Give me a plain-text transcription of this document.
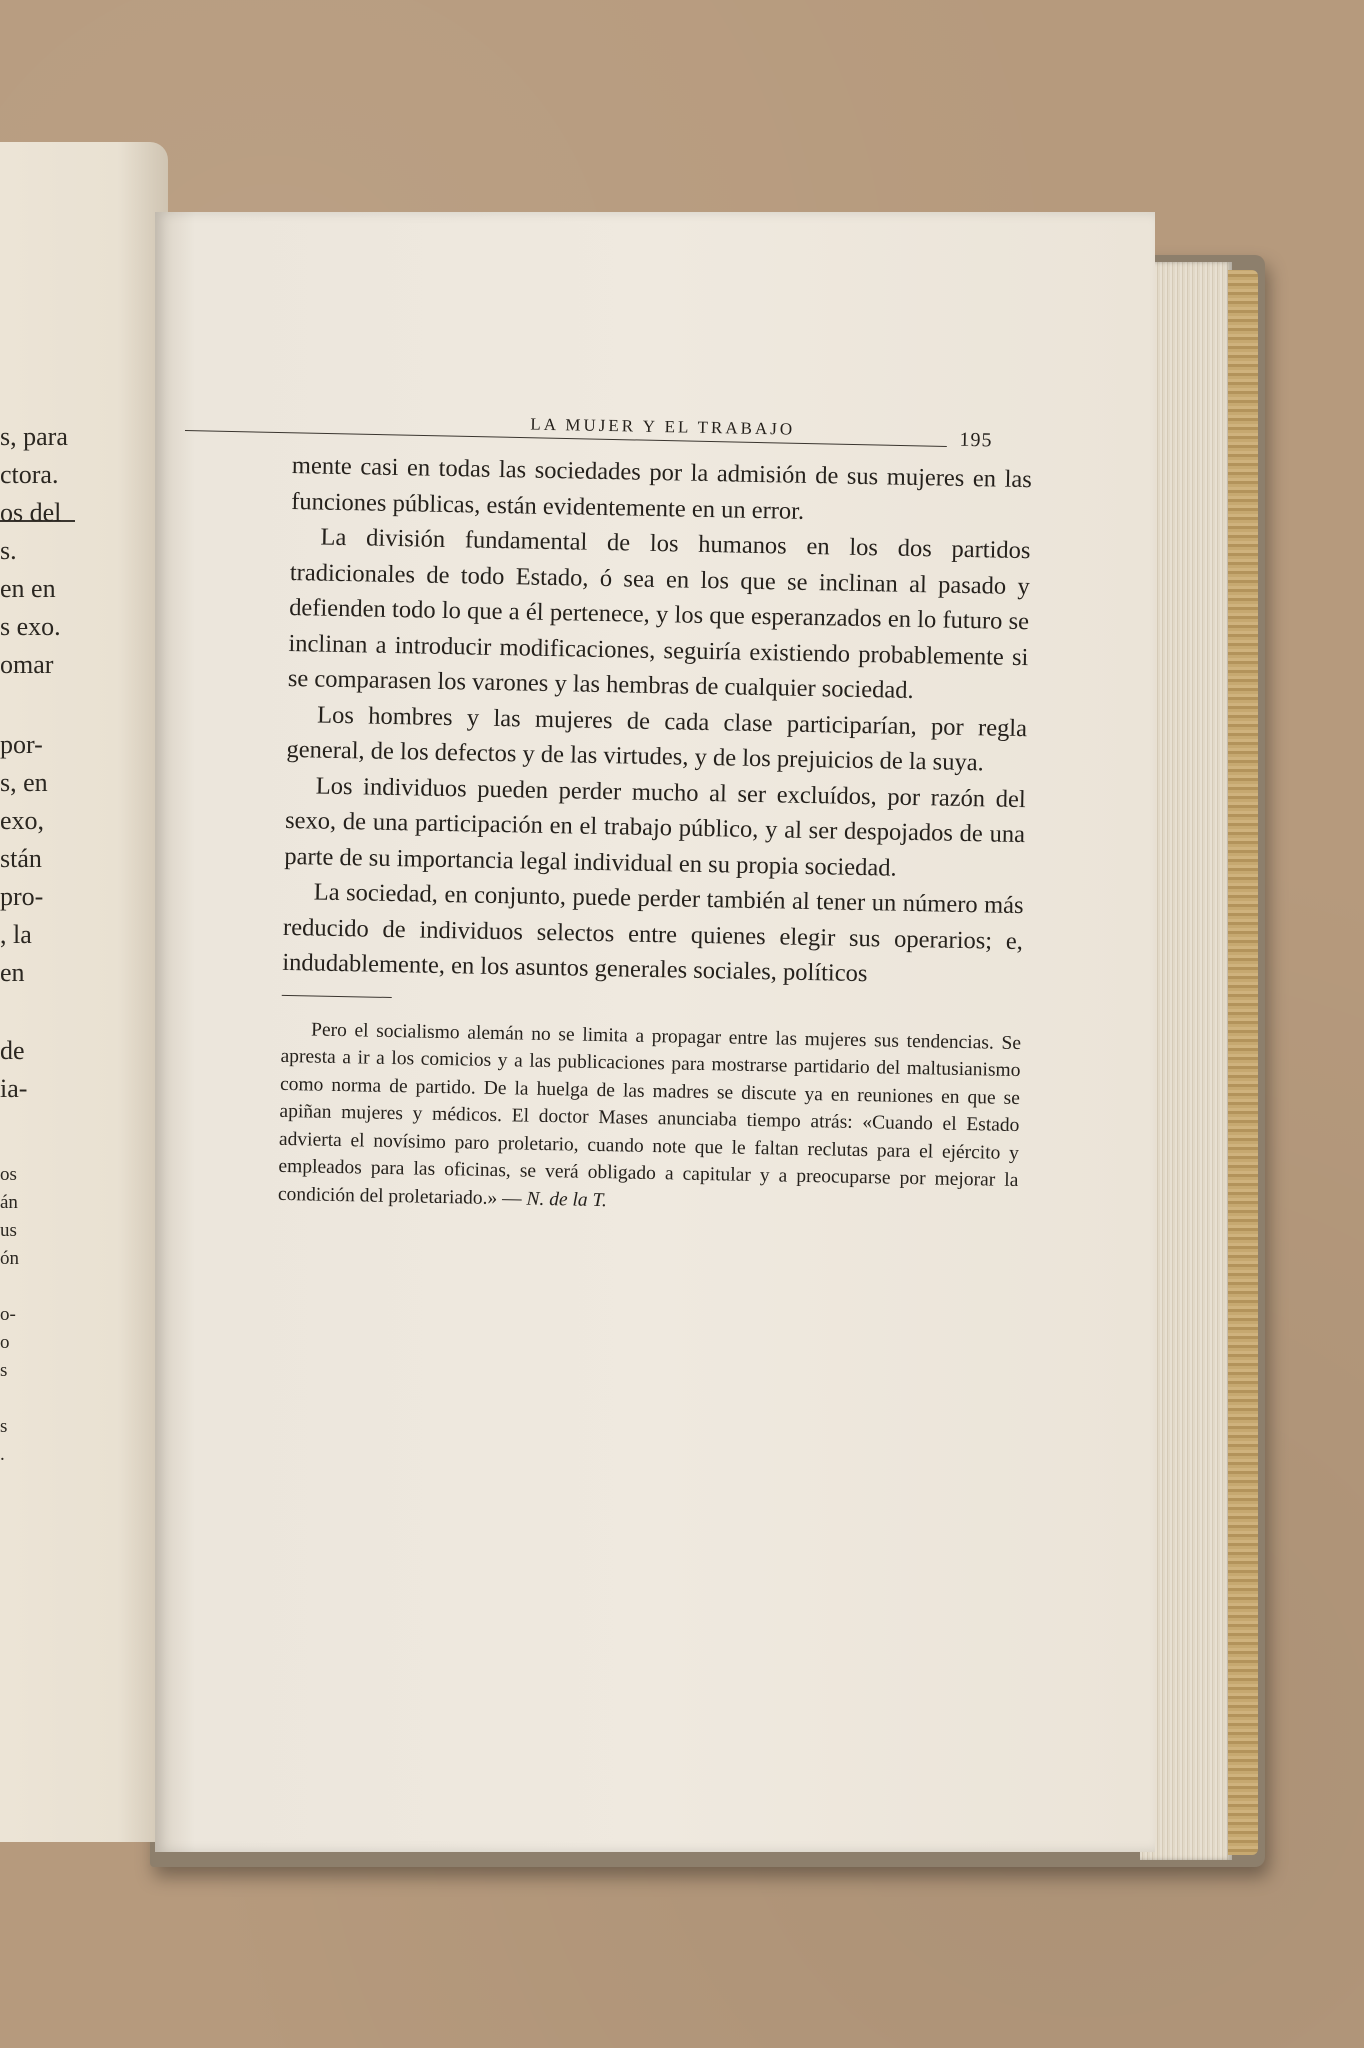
s, para
ctora.
os del
s.
en en
s exo.
omar
por-
s, en
exo,
stán
pro-
, la
en
de
ia-
os
án
us
ón
o-
o
s
s
.
LA MUJER Y EL TRABAJO
195

mente casi en todas las sociedades por la admisión de sus mujeres en las funciones públicas, están evidentemente en un error.

La división fundamental de los humanos en los dos partidos tradicionales de todo Estado, ó sea en los que se inclinan al pasado y defienden todo lo que a él pertenece, y los que esperanzados en lo futuro se inclinan a introducir modificaciones, seguiría existiendo probablemente si se comparasen los varones y las hembras de cualquier sociedad.

Los hombres y las mujeres de cada clase participarían, por regla general, de los defectos y de las virtudes, y de los prejuicios de la suya.

Los individuos pueden perder mucho al ser excluídos, por razón del sexo, de una participación en el trabajo público, y al ser despojados de una parte de su importancia legal individual en su propia sociedad.

La sociedad, en conjunto, puede perder también al tener un número más reducido de individuos selectos entre quienes elegir sus operarios; e, indudablemente, en los asuntos generales sociales, políticos

Pero el socialismo alemán no se limita a propagar entre las mujeres sus tendencias. Se apresta a ir a los comicios y a las publicaciones para mostrarse partidario del maltusianismo como norma de partido. De la huelga de las madres se discute ya en reuniones en que se apiñan mujeres y médicos. El doctor Mases anunciaba tiempo atrás: «Cuando el Estado advierta el novísimo paro proletario, cuando note que le faltan reclutas para el ejército y empleados para las oficinas, se verá obligado a capitular y a preocuparse por mejorar la condición del proletariado.» — N. de la T.
